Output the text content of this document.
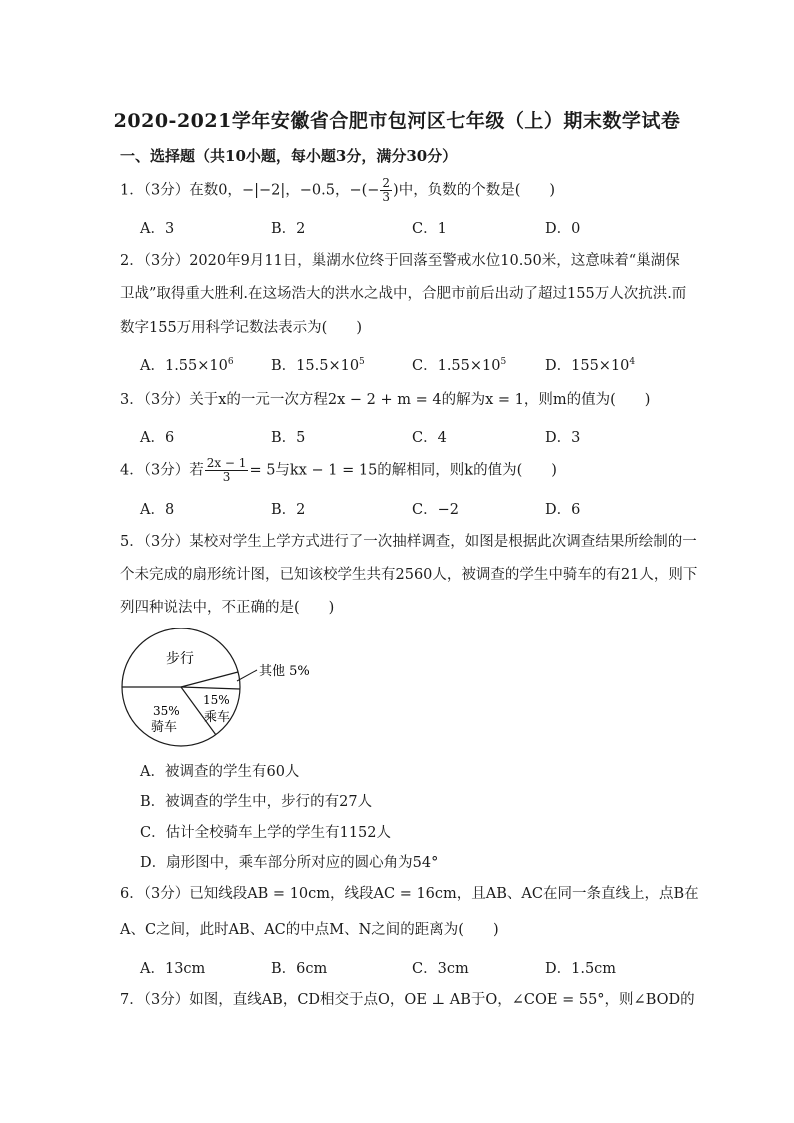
2020-2021学年安徽省合肥市包河区七年级（上）期末数学试卷
一、选择题（共10小题，每小题3分，满分30分）
1．（3分）在数0，−|−2|，−0.5，−(− $\frac{2}{3}$ )中，负数的个数是(　　)
A．3	B．2	C．1	D．0
2．（3分）2020年9月11日，巢湖水位终于回落至警戒水位10.50米，这意味着“巢湖保
卫战”取得重大胜利.在这场浩大的洪水之战中，合肥市前后出动了超过155万人次抗洪.而
数字155万用科学记数法表示为(　　)
A．$1.55\times 10^6$	B．$15.5\times 10^5$	C．$1.55\times 10^5$	D．$155\times 10^4$
3．（3分）关于x的一元一次方程2x − 2 + m = 4的解为x = 1，则m的值为(　　)
A．6	B．5	C．4	D．3
4．（3分）若 $\frac{2x - 1}{3} = 5$与kx − 1 = 15的解相同，则k的值为(　　)
A．8	B．2	C．−2	D．6
5．（3分）某校对学生上学方式进行了一次抽样调查，如图是根据此次调查结果所绘制的一
个未完成的扇形统计图，已知该校学生共有2560人，被调查的学生中骑车的有21人，则下
列四种说法中，不正确的是(　　)
步行
其他 5%
15%
乘车
35%
骑车
A．被调查的学生有60人
B．被调查的学生中，步行的有27人
C．估计全校骑车上学的学生有1152人
D．扇形图中，乘车部分所对应的圆心角为54°
6．（3分）已知线段AB = 10cm，线段AC = 16cm，且AB、AC在同一条直线上，点B在
A、C之间，此时AB、AC的中点M、N之间的距离为(　　)
A．13cm	B．6cm	C．3cm	D．1.5cm
7．（3分）如图，直线AB，CD相交于点O，OE ⊥ AB于O，∠COE = 55°，则∠BOD的
